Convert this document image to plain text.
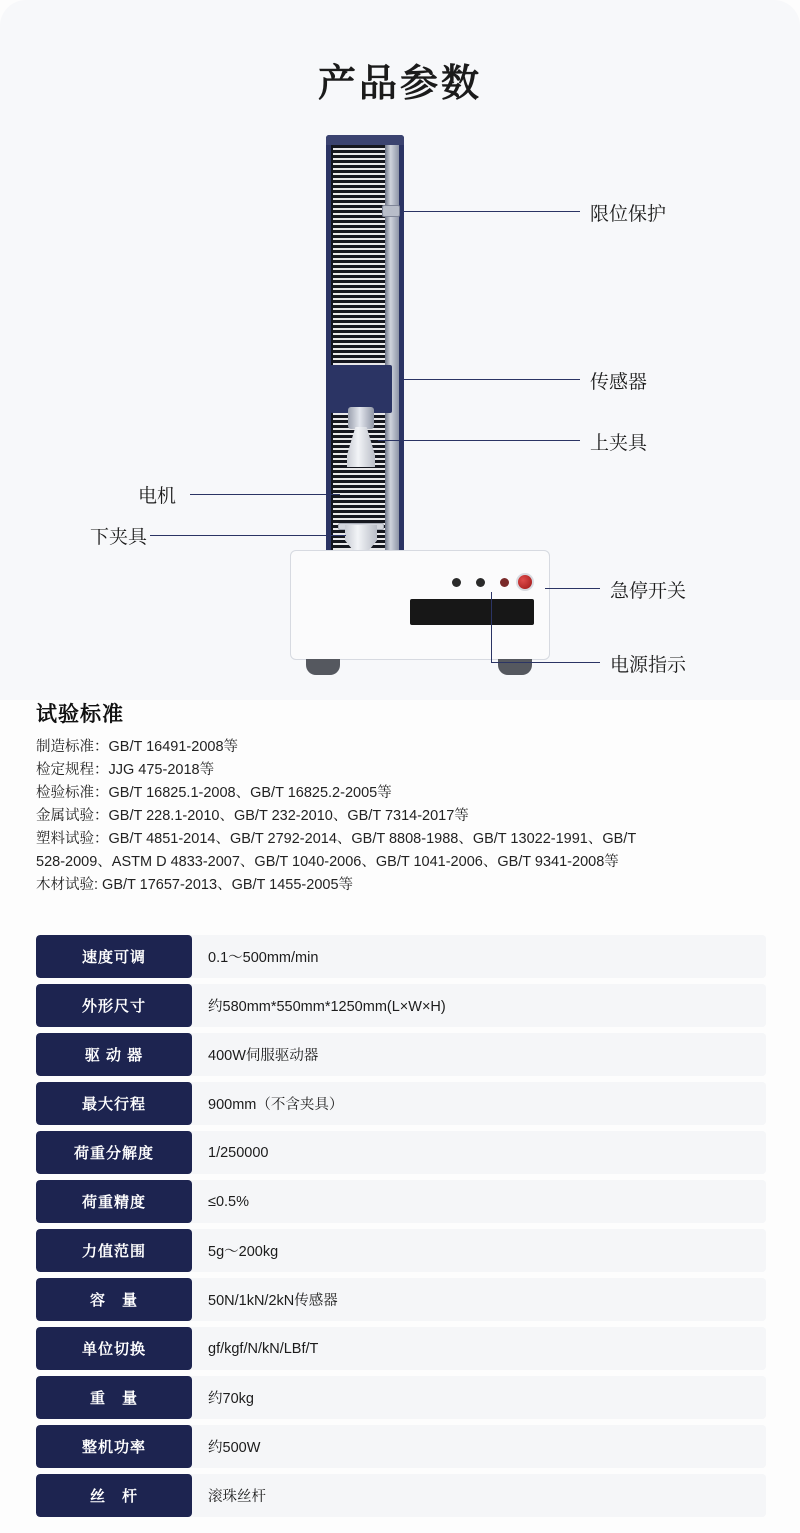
产品参数
限位保护
传感器
上夹具
电机
下夹具
急停开关
电源指示
试验标准
制造标准：GB/T 16491-2008等
检定规程：JJG 475-2018等
检验标准：GB/T 16825.1-2008、GB/T 16825.2-2005等
金属试验：GB/T 228.1-2010、GB/T 232-2010、GB/T 7314-2017等
塑料试验：GB/T 4851-2014、GB/T 2792-2014、GB/T 8808-1988、GB/T 13022-1991、GB/T
528-2009、ASTM D 4833-2007、GB/T 1040-2006、GB/T 1041-2006、GB/T 9341-2008等
木材试验: GB/T 17657-2013、GB/T 1455-2005等
速度可调	0.1～500mm/min
外形尺寸	约580mm*550mm*1250mm(L×W×H)
驱 动 器	400W伺服驱动器
最大行程	900mm（不含夹具）
荷重分解度	1/250000
荷重精度	≤0.5%
力值范围	5g～200kg
容　量	50N/1kN/2kN传感器
单位切换	gf/kgf/N/kN/LBf/T
重　量	约70kg
整机功率	约500W
丝　杆	滚珠丝杆
